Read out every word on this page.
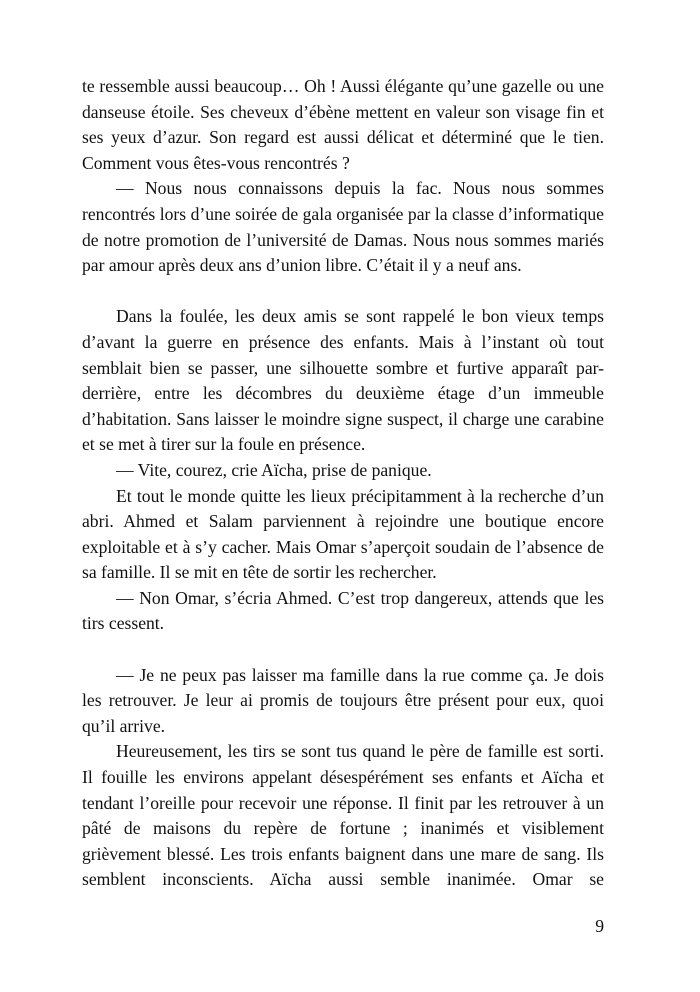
te ressemble aussi beaucoup… Oh ! Aussi élégante qu’une gazelle ou une danseuse étoile. Ses cheveux d’ébène mettent en valeur son visage fin et ses yeux d’azur. Son regard est aussi délicat et déterminé que le tien. Comment vous êtes-vous rencontrés ?

— Nous nous connaissons depuis la fac. Nous nous sommes rencontrés lors d’une soirée de gala organisée par la classe d’informatique de notre promotion de l’université de Damas. Nous nous sommes mariés par amour après deux ans d’union libre. C’était il y a neuf ans.

Dans la foulée, les deux amis se sont rappelé le bon vieux temps d’avant la guerre en présence des enfants. Mais à l’instant où tout semblait bien se passer, une silhouette sombre et furtive apparaît par-derrière, entre les décombres du deuxième étage d’un immeuble d’habitation. Sans laisser le moindre signe suspect, il charge une carabine et se met à tirer sur la foule en présence.

— Vite, courez, crie Aïcha, prise de panique.

Et tout le monde quitte les lieux précipitamment à la recherche d’un abri. Ahmed et Salam parviennent à rejoindre une boutique encore exploitable et à s’y cacher. Mais Omar s’aperçoit soudain de l’absence de sa famille. Il se mit en tête de sortir les rechercher.

— Non Omar, s’écria Ahmed. C’est trop dangereux, attends que les tirs cessent.

— Je ne peux pas laisser ma famille dans la rue comme ça. Je dois les retrouver. Je leur ai promis de toujours être présent pour eux, quoi qu’il arrive.

Heureusement, les tirs se sont tus quand le père de famille est sorti. Il fouille les environs appelant désespérément ses enfants et Aïcha et tendant l’oreille pour recevoir une réponse. Il finit par les retrouver à un pâté de maisons du repère de fortune ; inanimés et visiblement grièvement blessé. Les trois enfants baignent dans une mare de sang. Ils semblent inconscients. Aïcha aussi semble inanimée. Omar se

9
